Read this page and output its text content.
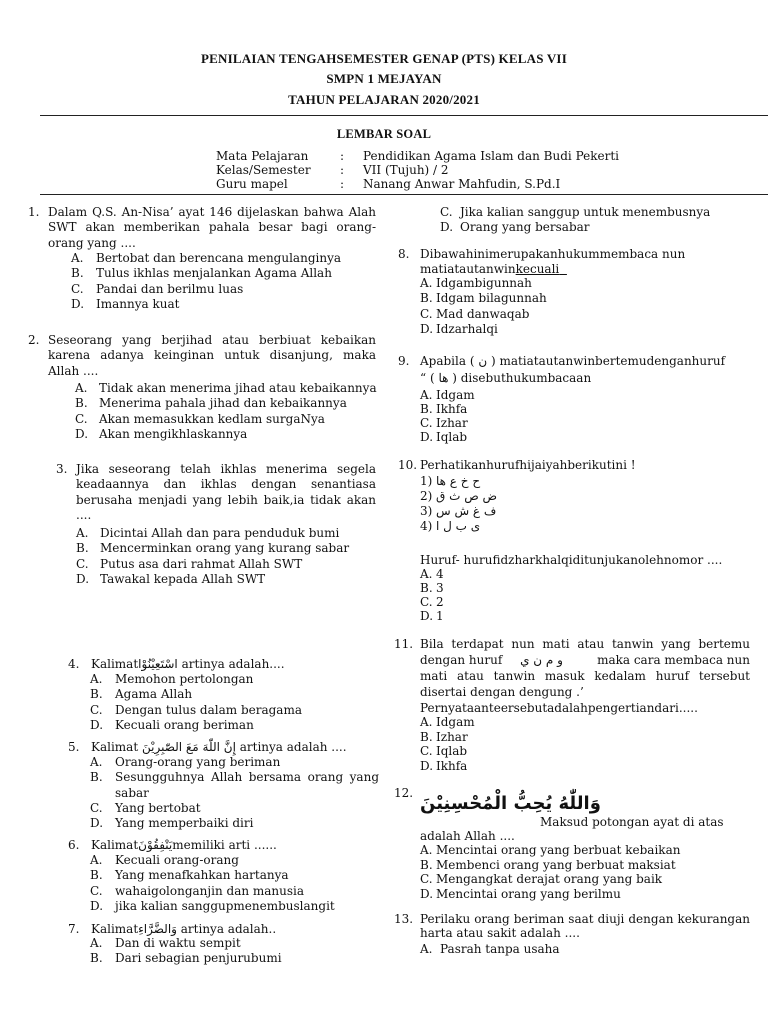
PENILAIAN TENGAHSEMESTER GENAP (PTS) KELAS VII
SMPN 1 MEJAYAN
TAHUN PELAJARAN 2020/2021
LEMBAR SOAL
Mata Pelajaran	: Pendidikan Agama Islam dan Budi Pekerti
Kelas/Semester : VII (Tujuh) / 2
Guru mapel	: Nanang Anwar Mahfudin, S.Pd.I
1. Dalam Q.S. An-Nisa’ ayat 146 dijelaskan bahwa Alah SWT akan memberikan pahala besar bagi orang-orang yang ....
A. Bertobat dan berencana mengulanginya
B. Tulus ikhlas menjalankan Agama Allah
C. Pandai dan berilmu luas
D. Imannya kuat
2. Seseorang yang berjihad atau berbiuat kebaikan karena adanya keinginan untuk disanjung, maka Allah ....
A. Tidak akan menerima jihad atau kebaikannya
B. Menerima pahala jihad dan kebaikannya
C. Akan memasukkan kedlam surgaNya
D. Akan mengikhlaskannya
3. Jika seseorang telah ikhlas menerima segela keadaannya dan ikhlas dengan senantiasa berusaha menjadi yang lebih baik,ia tidak akan ....
A. Dicintai Allah dan para penduduk bumi
B. Mencerminkan orang yang kurang sabar
C. Putus asa dari rahmat Allah SWT
D. Tawakal kepada Allah SWT
4. Kalimatاسْتَعِيْنُوْا artinya adalah....
A. Memohon pertolongan
B. Agama Allah
C. Dengan tulus dalam beragama
D. Kecuali orang beriman
5. Kalimat إِنَّ اللّٰهَ مَعَ الصّٰبِرِيْنَ artinya adalah ....
A. Orang-orang yang beriman
B. Sesungguhnya Allah bersama orang yang
sabar
C. Yang bertobat
D. Yang memperbaiki diri
6. Kalimatيَنْفِقُوْنَmemiliki arti ......
A. Kecuali orang-orang
B. Yang menafkahkan hartanya
C. wahaigolonganjin dan manusia
D. jika kalian sanggupmenembuslangit
7. Kalimatوَالضَّرَّاءِ artinya adalah..
A. Dan di waktu sempit
B. Dari sebagian penjurubumi
C. Jika kalian sanggup untuk menembusnya
D. Orang yang bersabar
8. Dibawahinimerupakanhukummembaca nun
matiatautanwinkecuali
A. Idgambigunnah
B. Idgam bilagunnah
C. Mad danwaqab
D. Idzarhalqi
9. Apabila ( ن ) matiatautanwinbertemudenganhuruf
“ ( ها ) disebuthukumbacaan
A. Idgam
B. Ikhfa
C. Izhar
D. Iqlab
10. Perhatikanhurufhijaiyahberikutini !
1) ح خ ع ها
2) ض ص ث ق
3) ف غ ش س
4) ى ب ل ا
Huruf- hurufidzharkhalqiditunjukanolehnomor ....
A. 4
B. 3
C. 2
D. 1
11. Bila terdapat nun mati atau tanwin yang bertemu
dengan huruf و م ن ي	maka cara membaca nun
mati atau tanwin masuk kedalam huruf tersebut
disertai dengan dengung .’
Pernyataanteersebutadalahpengertiandari.....
A. Idgam
B. Izhar
C. Iqlab
D. Ikhfa
12. وَاللّٰهُ يُحِبُّ الْمُحْسِنِيْنَ
Maksud potongan ayat di atas
adalah Allah ....
A. Mencintai orang yang berbuat kebaikan
B. Membenci orang yang berbuat maksiat
C. Mengangkat derajat orang yang baik
D. Mencintai orang yang berilmu
13. Perilaku orang beriman saat diuji dengan kekurangan harta atau sakit adalah ....
A. Pasrah tanpa usaha
